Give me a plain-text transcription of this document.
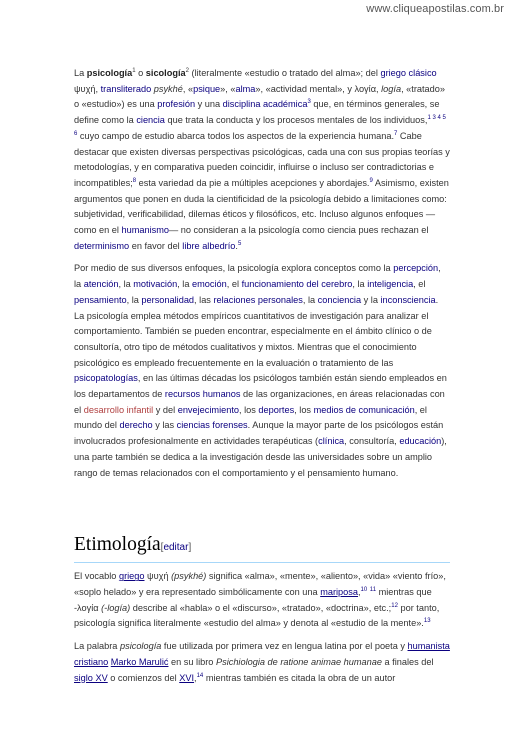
www.cliqueapostilas.com.br

La psicología$^1$ o sicología$^2$ (literalmente «estudio o tratado del alma»; del griego clásico ψυχή, transliterado psykhé, «psique», «alma», «actividad mental», y λογία, logía, «tratado» o «estudio») es una profesión y una disciplina académica$^3$ que, en términos generales, se define como la ciencia que trata la conducta y los procesos mentales de los individuos,$^{1 3 4 5 6}$ cuyo campo de estudio abarca todos los aspectos de la experiencia humana.$^7$ Cabe destacar que existen diversas perspectivas psicológicas, cada una con sus propias teorías y metodologías, y en comparativa pueden coincidir, influirse o incluso ser contradictorias e incompatibles;$^8$ esta variedad da pie a múltiples acepciones y abordajes.$^9$ Asimismo, existen argumentos que ponen en duda la cientificidad de la psicología debido a limitaciones como: subjetividad, verificabilidad, dilemas éticos y filosóficos, etc. Incluso algunos enfoques —como en el humanismo— no consideran a la psicología como ciencia pues rechazan el determinismo en favor del libre albedrío.$^5$

Por medio de sus diversos enfoques, la psicología explora conceptos como la percepción, la atención, la motivación, la emoción, el funcionamiento del cerebro, la inteligencia, el pensamiento, la personalidad, las relaciones personales, la conciencia y la inconsciencia. La psicología emplea métodos empíricos cuantitativos de investigación para analizar el comportamiento. También se pueden encontrar, especialmente en el ámbito clínico o de consultoría, otro tipo de métodos cualitativos y mixtos. Mientras que el conocimiento psicológico es empleado frecuentemente en la evaluación o tratamiento de las psicopatologías, en las últimas décadas los psicólogos también están siendo empleados en los departamentos de recursos humanos de las organizaciones, en áreas relacionadas con el desarrollo infantil y del envejecimiento, los deportes, los medios de comunicación, el mundo del derecho y las ciencias forenses. Aunque la mayor parte de los psicólogos están involucrados profesionalmente en actividades terapéuticas (clínica, consultoría, educación), una parte también se dedica a la investigación desde las universidades sobre un amplio rango de temas relacionados con el comportamiento y el pensamiento humano.

Etimología[editar]

El vocablo griego ψυχή (psykhé) significa «alma», «mente», «aliento», «vida» «viento frío», «soplo helado» y era representado simbólicamente con una mariposa,$^{10}$ $^{11}$ mientras que -λογία (-logía) describe al «habla» o el «discurso», «tratado», «doctrina», etc.;$^{12}$ por tanto, psicología significa literalmente «estudio del alma» y denota al «estudio de la mente».$^{13}$

La palabra psicología fue utilizada por primera vez en lengua latina por el poeta y humanista cristiano Marko Marulić en su libro Psichiologia de ratione animae humanae a finales del siglo XV o comienzos del XVI,$^{14}$ mientras también es citada la obra de un autor
